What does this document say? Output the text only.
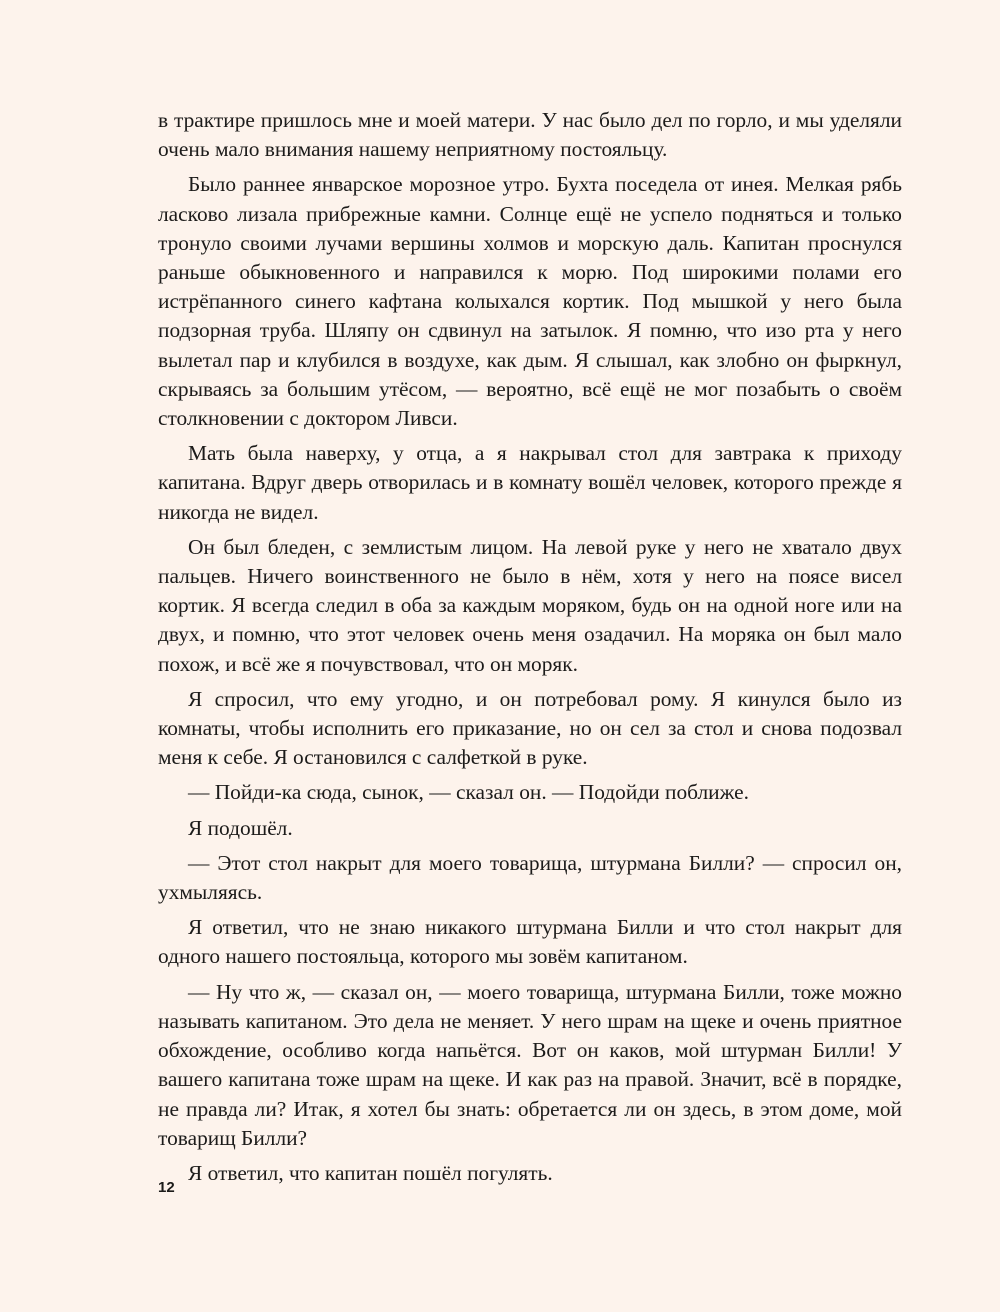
в трактире пришлось мне и моей матери. У нас было дел по горло, и мы уделяли очень мало внимания нашему неприятному постояльцу.

Было раннее январское морозное утро. Бухта поседела от инея. Мелкая рябь ласково лизала прибрежные камни. Солнце ещё не успело подняться и только тронуло своими лучами вершины холмов и морскую даль. Капитан проснулся раньше обыкновенного и направился к морю. Под широкими полами его истрёпанного синего кафтана колыхался кортик. Под мышкой у него была подзорная труба. Шляпу он сдвинул на затылок. Я помню, что изо рта у него вылетал пар и клубился в воздухе, как дым. Я слышал, как злобно он фыркнул, скрываясь за большим утёсом, — вероятно, всё ещё не мог позабыть о своём столкновении с доктором Ливси.

Мать была наверху, у отца, а я накрывал стол для завтрака к приходу капитана. Вдруг дверь отворилась и в комнату вошёл человек, которого прежде я никогда не видел.

Он был бледен, с землистым лицом. На левой руке у него не хватало двух пальцев. Ничего воинственного не было в нём, хотя у него на поясе висел кортик. Я всегда следил в оба за каждым моряком, будь он на одной ноге или на двух, и помню, что этот человек очень меня озадачил. На моряка он был мало похож, и всё же я почувствовал, что он моряк.

Я спросил, что ему угодно, и он потребовал рому. Я кинулся было из комнаты, чтобы исполнить его приказание, но он сел за стол и снова подозвал меня к себе. Я остановился с салфеткой в руке.

— Пойди-ка сюда, сынок, — сказал он. — Подойди поближе.

Я подошёл.

— Этот стол накрыт для моего товарища, штурмана Билли? — спросил он, ухмыляясь.

Я ответил, что не знаю никакого штурмана Билли и что стол накрыт для одного нашего постояльца, которого мы зовём капитаном.

— Ну что ж, — сказал он, — моего товарища, штурмана Билли, тоже можно называть капитаном. Это дела не меняет. У него шрам на щеке и очень приятное обхождение, особливо когда напьётся. Вот он каков, мой штурман Билли! У вашего капитана тоже шрам на щеке. И как раз на правой. Значит, всё в порядке, не правда ли? Итак, я хотел бы знать: обретается ли он здесь, в этом доме, мой товарищ Билли?

Я ответил, что капитан пошёл погулять.

12
